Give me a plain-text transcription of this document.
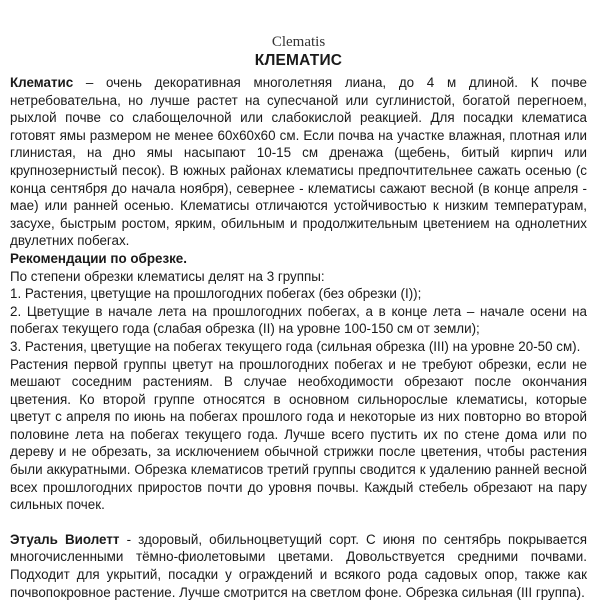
Clematis
КЛЕМАТИС

Клематис – очень декоративная многолетняя лиана, до 4 м длиной. К почве нетребовательна, но лучше растет на супесчаной или суглинистой, богатой перегноем, рыхлой почве со слабощелочной или слабокислой реакцией. Для посадки клематиса готовят ямы размером не менее 60х60х60 см. Если почва на участке влажная, плотная или глинистая, на дно ямы насыпают 10-15 см дренажа (щебень, битый кирпич или крупнозернистый песок). В южных районах клематисы предпочтительнее сажать осенью (с конца сентября до начала ноября), севернее - клематисы сажают весной (в конце апреля - мае) или ранней осенью. Клематисы отличаются устойчивостью к низким температурам, засухе, быстрым ростом, ярким, обильным и продолжительным цветением на однолетних двулетних побегах.

Рекомендации по обрезке.

По степени обрезки клематисы делят на 3 группы:

1. Растения, цветущие на прошлогодних побегах (без обрезки (I));

2. Цветущие в начале лета на прошлогодних побегах, а в конце лета – начале осени на побегах текущего года (слабая обрезка (II) на уровне 100-150 см от земли);

3. Растения, цветущие на побегах текущего года (сильная обрезка (III) на уровне 20-50 см).

Растения первой группы цветут на прошлогодних побегах и не требуют обрезки, если не мешают соседним растениям. В случае необходимости обрезают после окончания цветения. Ко второй группе относятся в основном сильнорослые клематисы, которые цветут с апреля по июнь на побегах прошлого года и некоторые из них повторно во второй половине лета на побегах текущего года. Лучше всего пустить их по стене дома или по дереву и не обрезать, за исключением обычной стрижки после цветения, чтобы растения были аккуратными. Обрезка клематисов третий группы сводится к удалению ранней весной всех прошлогодних приростов почти до уровня почвы. Каждый стебель обрезают на пару сильных почек.

Этуаль Виолетт - здоровый, обильноцветущий сорт. С июня по сентябрь покрывается многочисленными тёмно-фиолетовыми цветами. Довольствуется средними почвами. Подходит для укрытий, посадки у ограждений и всякого рода садовых опор, также как почвопокровное растение. Лучше смотрится на светлом фоне. Обрезка сильная (III группа).
